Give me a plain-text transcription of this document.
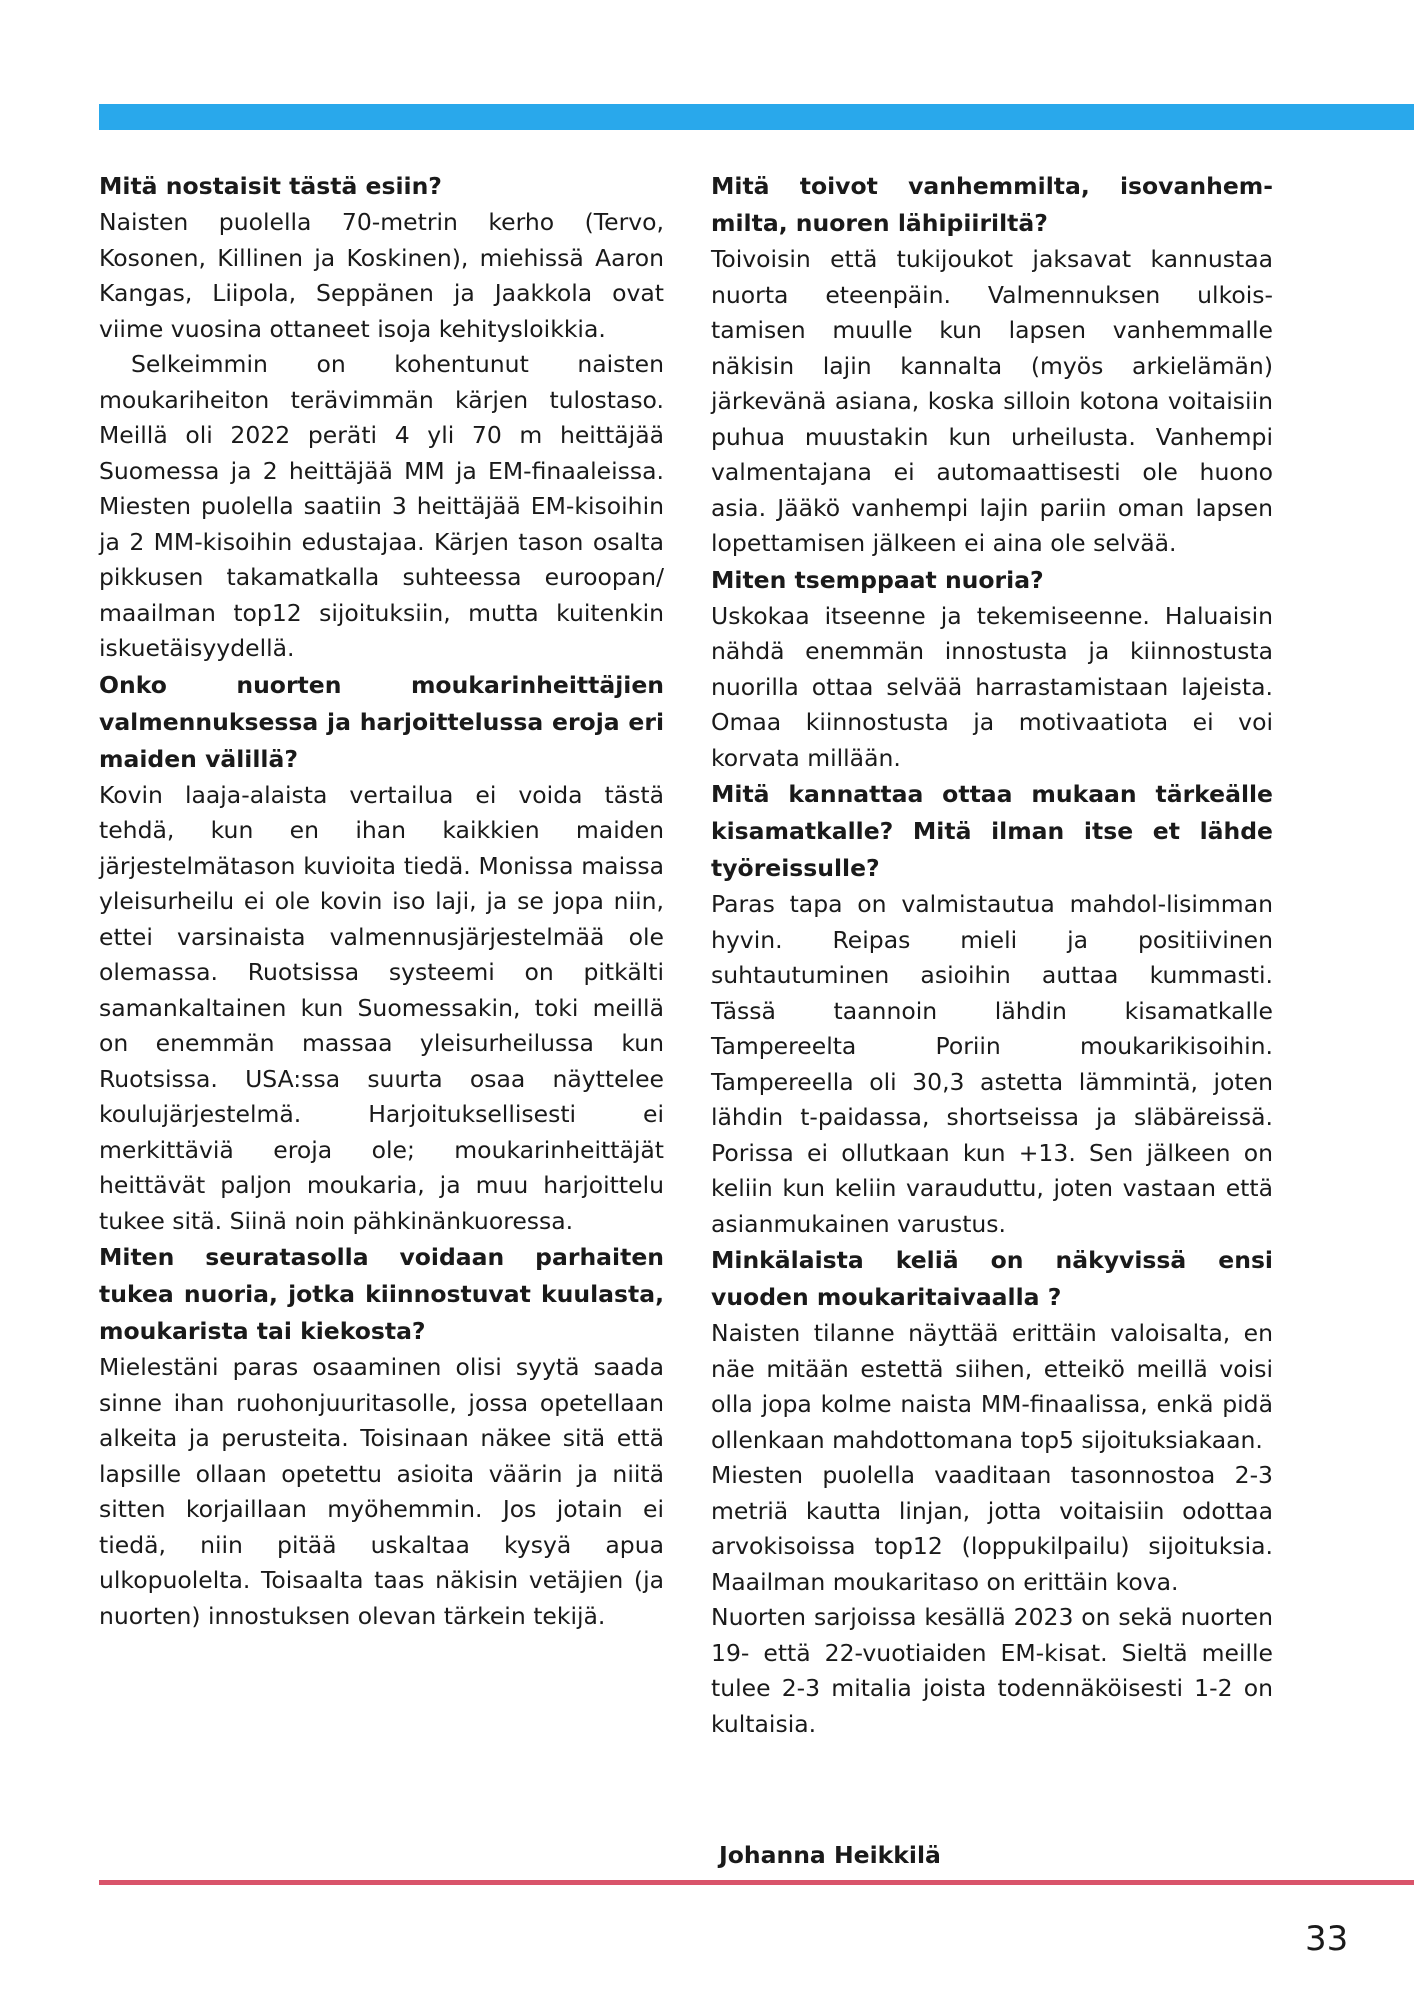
Mitä nostaisit tästä esiin?

Naisten puolella 70-metrin kerho (Tervo, Kosonen, Killinen ja Koskinen), miehissä Aaron Kangas, Liipola, Seppänen ja Jaakkola ovat viime vuosina ottaneet isoja kehitysloikkia.

Selkeimmin on kohentunut naisten moukariheiton terävimmän kärjen tulostaso. Meillä oli 2022 peräti 4 yli 70 m heittäjää Suomessa ja 2 heittäjää MM ja EM-finaaleissa. Miesten puolella saatiin 3 heittäjää EM-kisoihin ja 2 MM-kisoihin edustajaa. Kärjen tason osalta pikkusen takamatkalla suhteessa euroopan/ maailman top12 sijoituksiin, mutta kuitenkin iskuetäisyydellä.

Onko nuorten moukarinheittäjien valmennuksessa ja harjoittelussa eroja eri maiden välillä?

Kovin laaja-alaista vertailua ei voida tästä tehdä, kun en ihan kaikkien maiden järjestelmätason kuvioita tiedä. Monissa maissa yleisurheilu ei ole kovin iso laji, ja se jopa niin, ettei varsinaista valmennusjärjestelmää ole olemassa. Ruotsissa systeemi on pitkälti samankaltainen kun Suomessakin, toki meillä on enemmän massaa yleisurheilussa kun Ruotsissa. USA:ssa suurta osaa näyttelee koulujärjestelmä. Harjoituksellisesti ei merkittäviä eroja ole; moukarinheittäjät heittävät paljon moukaria, ja muu harjoittelu tukee sitä. Siinä noin pähkinänkuoressa.

Miten seuratasolla voidaan parhaiten tukea nuoria, jotka kiinnostuvat kuulasta, moukarista tai kiekosta?

Mielestäni paras osaaminen olisi syytä saada sinne ihan ruohonjuuritasolle, jossa opetellaan alkeita ja perusteita. Toisinaan näkee sitä että lapsille ollaan opetettu asioita väärin ja niitä sitten korjaillaan myöhemmin. Jos jotain ei tiedä, niin pitää uskaltaa kysyä apua ulkopuolelta. Toisaalta taas näkisin vetäjien (ja nuorten) innostuksen olevan tärkein tekijä.

Mitä toivot vanhemmilta, isovanhem-milta, nuoren lähipiiriltä?

Toivoisin että tukijoukot jaksavat kannustaa nuorta eteenpäin. Valmennuksen ulkois-tamisen muulle kun lapsen vanhemmalle näkisin lajin kannalta (myös arkielämän) järkevänä asiana, koska silloin kotona voitaisiin puhua muustakin kun urheilusta. Vanhempi valmentajana ei automaattisesti ole huono asia. Jääkö vanhempi lajin pariin oman lapsen lopettamisen jälkeen ei aina ole selvää.

Miten tsemppaat nuoria?

Uskokaa itseenne ja tekemiseenne. Haluaisin nähdä enemmän innostusta ja kiinnostusta nuorilla ottaa selvää harrastamistaan lajeista. Omaa kiinnostusta ja motivaatiota ei voi korvata millään.

Mitä kannattaa ottaa mukaan tärkeälle kisamatkalle? Mitä ilman itse et lähde työreissulle?

Paras tapa on valmistautua mahdol-lisimman hyvin. Reipas mieli ja positiivinen suhtautuminen asioihin auttaa kummasti. Tässä taannoin lähdin kisamatkalle Tampereelta Poriin moukarikisoihin. Tampereella oli 30,3 astetta lämmintä, joten lähdin t-paidassa, shortseissa ja släbäreissä. Porissa ei ollutkaan kun +13. Sen jälkeen on keliin kun keliin varauduttu, joten vastaan että asianmukainen varustus.

Minkälaista keliä on näkyvissä ensi vuoden moukaritaivaalla ?

Naisten tilanne näyttää erittäin valoisalta, en näe mitään estettä siihen, etteikö meillä voisi olla jopa kolme naista MM-finaalissa, enkä pidä ollenkaan mahdottomana top5 sijoituksiakaan.

Miesten puolella vaaditaan tasonnostoa 2-3 metriä kautta linjan, jotta voitaisiin odottaa arvokisoissa top12 (loppukilpailu) sijoituksia. Maailman moukaritaso on erittäin kova.

Nuorten sarjoissa kesällä 2023 on sekä nuorten 19- että 22-vuotiaiden EM-kisat. Sieltä meille tulee 2-3 mitalia joista todennäköisesti 1-2 on kultaisia.

Johanna Heikkilä

33
